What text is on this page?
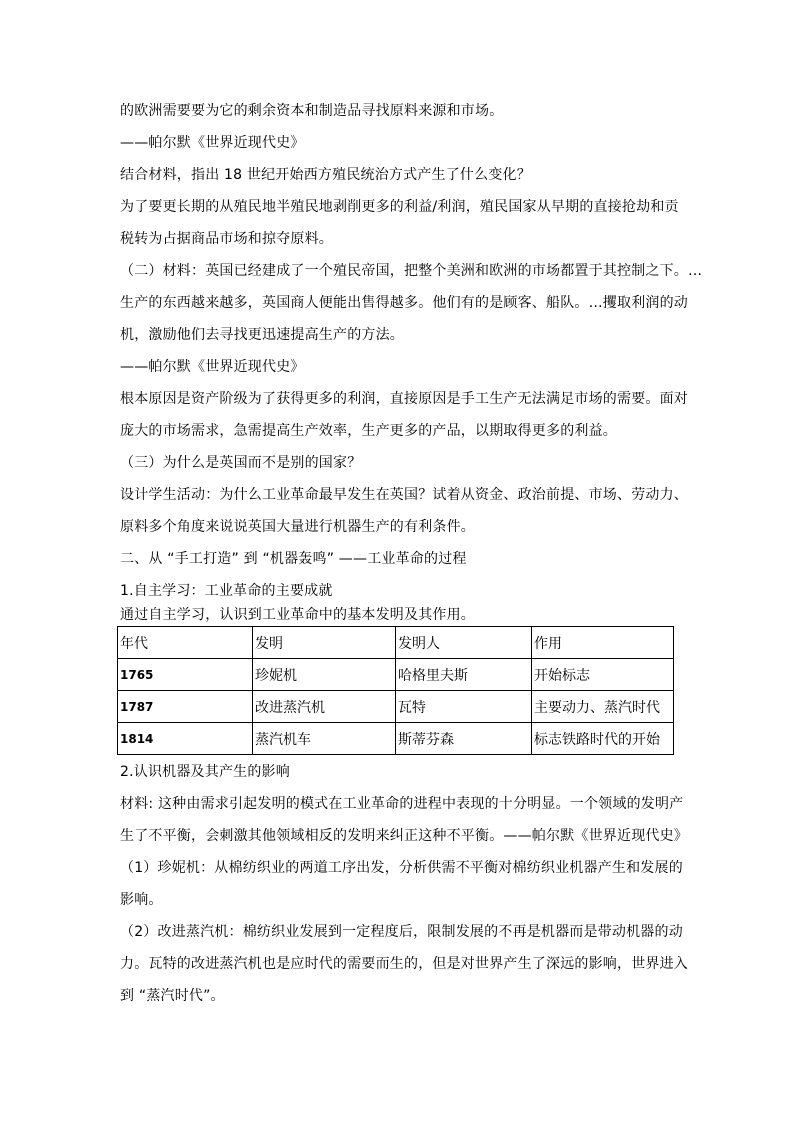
的欧洲需要要为它的剩余资本和制造品寻找原料来源和市场。
——帕尔默《世界近现代史》
结合材料，指出 18 世纪开始西方殖民统治方式产生了什么变化？
为了要更长期的从殖民地半殖民地剥削更多的利益/利润，殖民国家从早期的直接抢劫和贡
税转为占据商品市场和掠夺原料。
（二）材料：英国已经建成了一个殖民帝国，把整个美洲和欧洲的市场都置于其控制之下。…
生产的东西越来越多，英国商人便能出售得越多。他们有的是顾客、船队。…攫取利润的动
机，激励他们去寻找更迅速提高生产的方法。
——帕尔默《世界近现代史》
根本原因是资产阶级为了获得更多的利润，直接原因是手工生产无法满足市场的需要。面对
庞大的市场需求，急需提高生产效率，生产更多的产品，以期取得更多的利益。
（三）为什么是英国而不是别的国家？
设计学生活动：为什么工业革命最早发生在英国？试着从资金、政治前提、市场、劳动力、
原料多个角度来说说英国大量进行机器生产的有利条件。
二、从 “手工打造” 到 “机器轰鸣” ——工业革命的过程
1.自主学习：工业革命的主要成就
通过自主学习，认识到工业革命中的基本发明及其作用。
年代	发明	发明人	作用
1765	珍妮机	哈格里夫斯	开始标志
1787	改进蒸汽机	瓦特	主要动力、蒸汽时代
1814	蒸汽机车	斯蒂芬森	标志铁路时代的开始
2.认识机器及其产生的影响
材料: 这种由需求引起发明的模式在工业革命的进程中表现的十分明显。一个领域的发明产
生了不平衡，会刺激其他领域相反的发明来纠正这种不平衡。——帕尔默《世界近现代史》
（1）珍妮机：从棉纺织业的两道工序出发，分析供需不平衡对棉纺织业机器产生和发展的
影响。
（2）改进蒸汽机：棉纺织业发展到一定程度后，限制发展的不再是机器而是带动机器的动
力。瓦特的改进蒸汽机也是应时代的需要而生的，但是对世界产生了深远的影响，世界进入
到 “蒸汽时代”。
